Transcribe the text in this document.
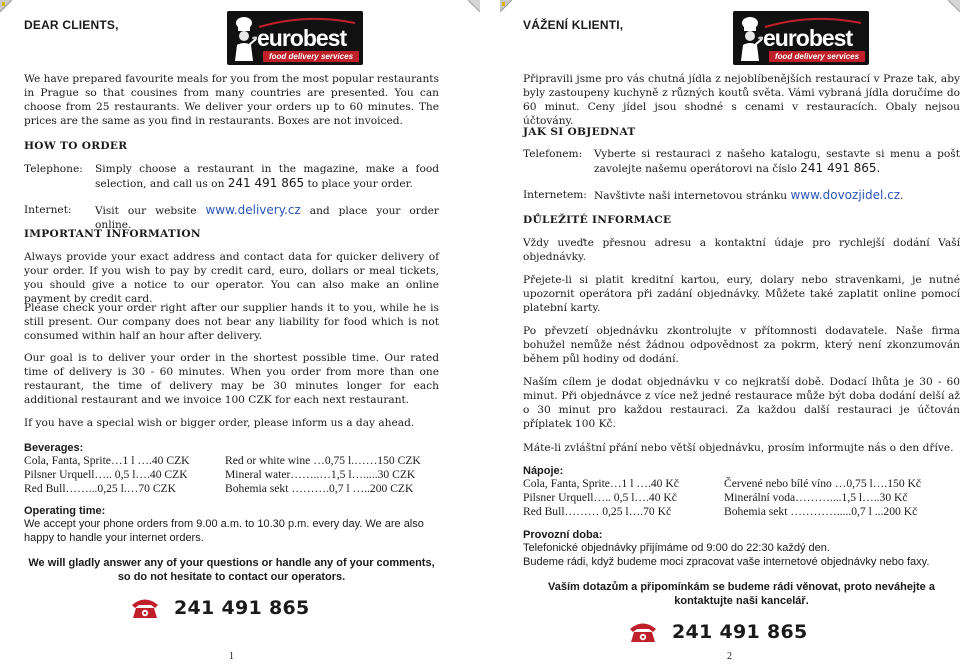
DEAR CLIENTS,	eurobest
food delivery services
We have prepared favourite meals for you from the most popular restaurants in Prague so that cousines from many countries are presented. You can choose from 25 restaurants. We deliver your orders up to 60 minutes. The prices are the same as you find in restaurants. Boxes are not invoiced.
HOW TO ORDER
Telephone:	Simply choose a restaurant in the magazine, make a food selection, and call us on 241 491 865 to place your order.
Internet:	Visit our website www.delivery.cz and place your order online.
IMPORTANT INFORMATION
Always provide your exact address and contact data for quicker delivery of your order. If you wish to pay by credit card, euro, dollars or meal tickets, you should give a notice to our operator. You can also make an online payment by credit card.
Please check your order right after our supplier hands it to you, while he is still present. Our company does not bear any liability for food which is not consumed within half an hour after delivery.
Our goal is to deliver your order in the shortest possible time. Our rated time of delivery is 30 - 60 minutes. When you order from more than one restaurant, the time of delivery may be 30 minutes longer for each additional restaurant and we invoice 100 CZK for each next restaurant.
If you have a special wish or bigger order, please inform us a day ahead.
Beverages:
Cola, Fanta, Sprite…1 l ….40 CZK	Red or white wine …0,75 l.……150 CZK
Pilsner Urquell….. 0,5 l….40 CZK	Mineral water……..…1,5 l….....30 CZK
Red Bull……...0,25 l.…70 CZK	Bohemia sekt ……….0,7 l …..200 CZK
Operating time:
We accept your phone orders from 9.00 a.m. to 10.30 p.m. every day. We are also happy to handle your internet orders.
We will gladly answer any of your questions or handle any of your comments, so do not hesitate to contact our operators.
241 491 865
1
VÁŽENÍ KLIENTI,	eurobest
food delivery services
Připravili jsme pro vás chutná jídla z nejoblíbenějších restaurací v Praze tak, aby byly zastoupeny kuchyně z různých koutů světa. Vámi vybraná jídla doručíme do 60 minut. Ceny jídel jsou shodné s cenami v restauracích. Obaly nejsou účtovány.
JAK SI OBJEDNAT
Telefonem:	Vyberte si restauraci z našeho katalogu, sestavte si menu a pošt zavolejte našemu operátorovi na číslo 241 491 865.
Internetem: Navštivte naši internetovou stránku www.dovozjidel.cz.
DŮLEŽITÉ INFORMACE
Vždy uveďte přesnou adresu a kontaktní údaje pro rychlejší dodání Vaší objednávky.
Přejete-li si platit kreditní kartou, eury, dolary nebo stravenkami, je nutné upozornit operátora při zadání objednávky. Můžete také zaplatit online pomocí platební karty.
Po převzetí objednávku zkontrolujte v přítomnosti dodavatele. Naše firma bohužel nemůže nést žádnou odpovědnost za pokrm, který není zkonzumován během půl hodiny od dodání.
Naším cílem je dodat objednávku v co nejkratší době. Dodací lhůta je 30 - 60 minut. Při objednávce z více než jedné restaurace může být doba dodání delší až o 30 minut pro každou restauraci. Za každou další restauraci je účtován příplatek 100 Kč.
Máte-li zvláštní přání nebo větší objednávku, prosím informujte nás o den dříve.
Nápoje:
Cola, Fanta, Sprite…1 l ….40 Kč	Červené nebo bílé víno …0,75 l….150 Kč
Pilsner Urquell….. 0,5 l….40 Kč	Minerální voda………....1,5 l…..30 Kč
Red Bull……… 0,25 l….70 Kč	Bohemia sekt ………….....0,7 l ...200 Kč
Provozní doba:
Telefonické objednávky přijímáme od 9:00 do 22:30 každý den.
Budeme rádi, když budeme moci zpracovat vaše internetové objednávky nebo faxy.
Vaším dotazům a připomínkám se budeme rádi věnovat, proto neváhejte a kontaktujte naši kancelář.
241 491 865
2
